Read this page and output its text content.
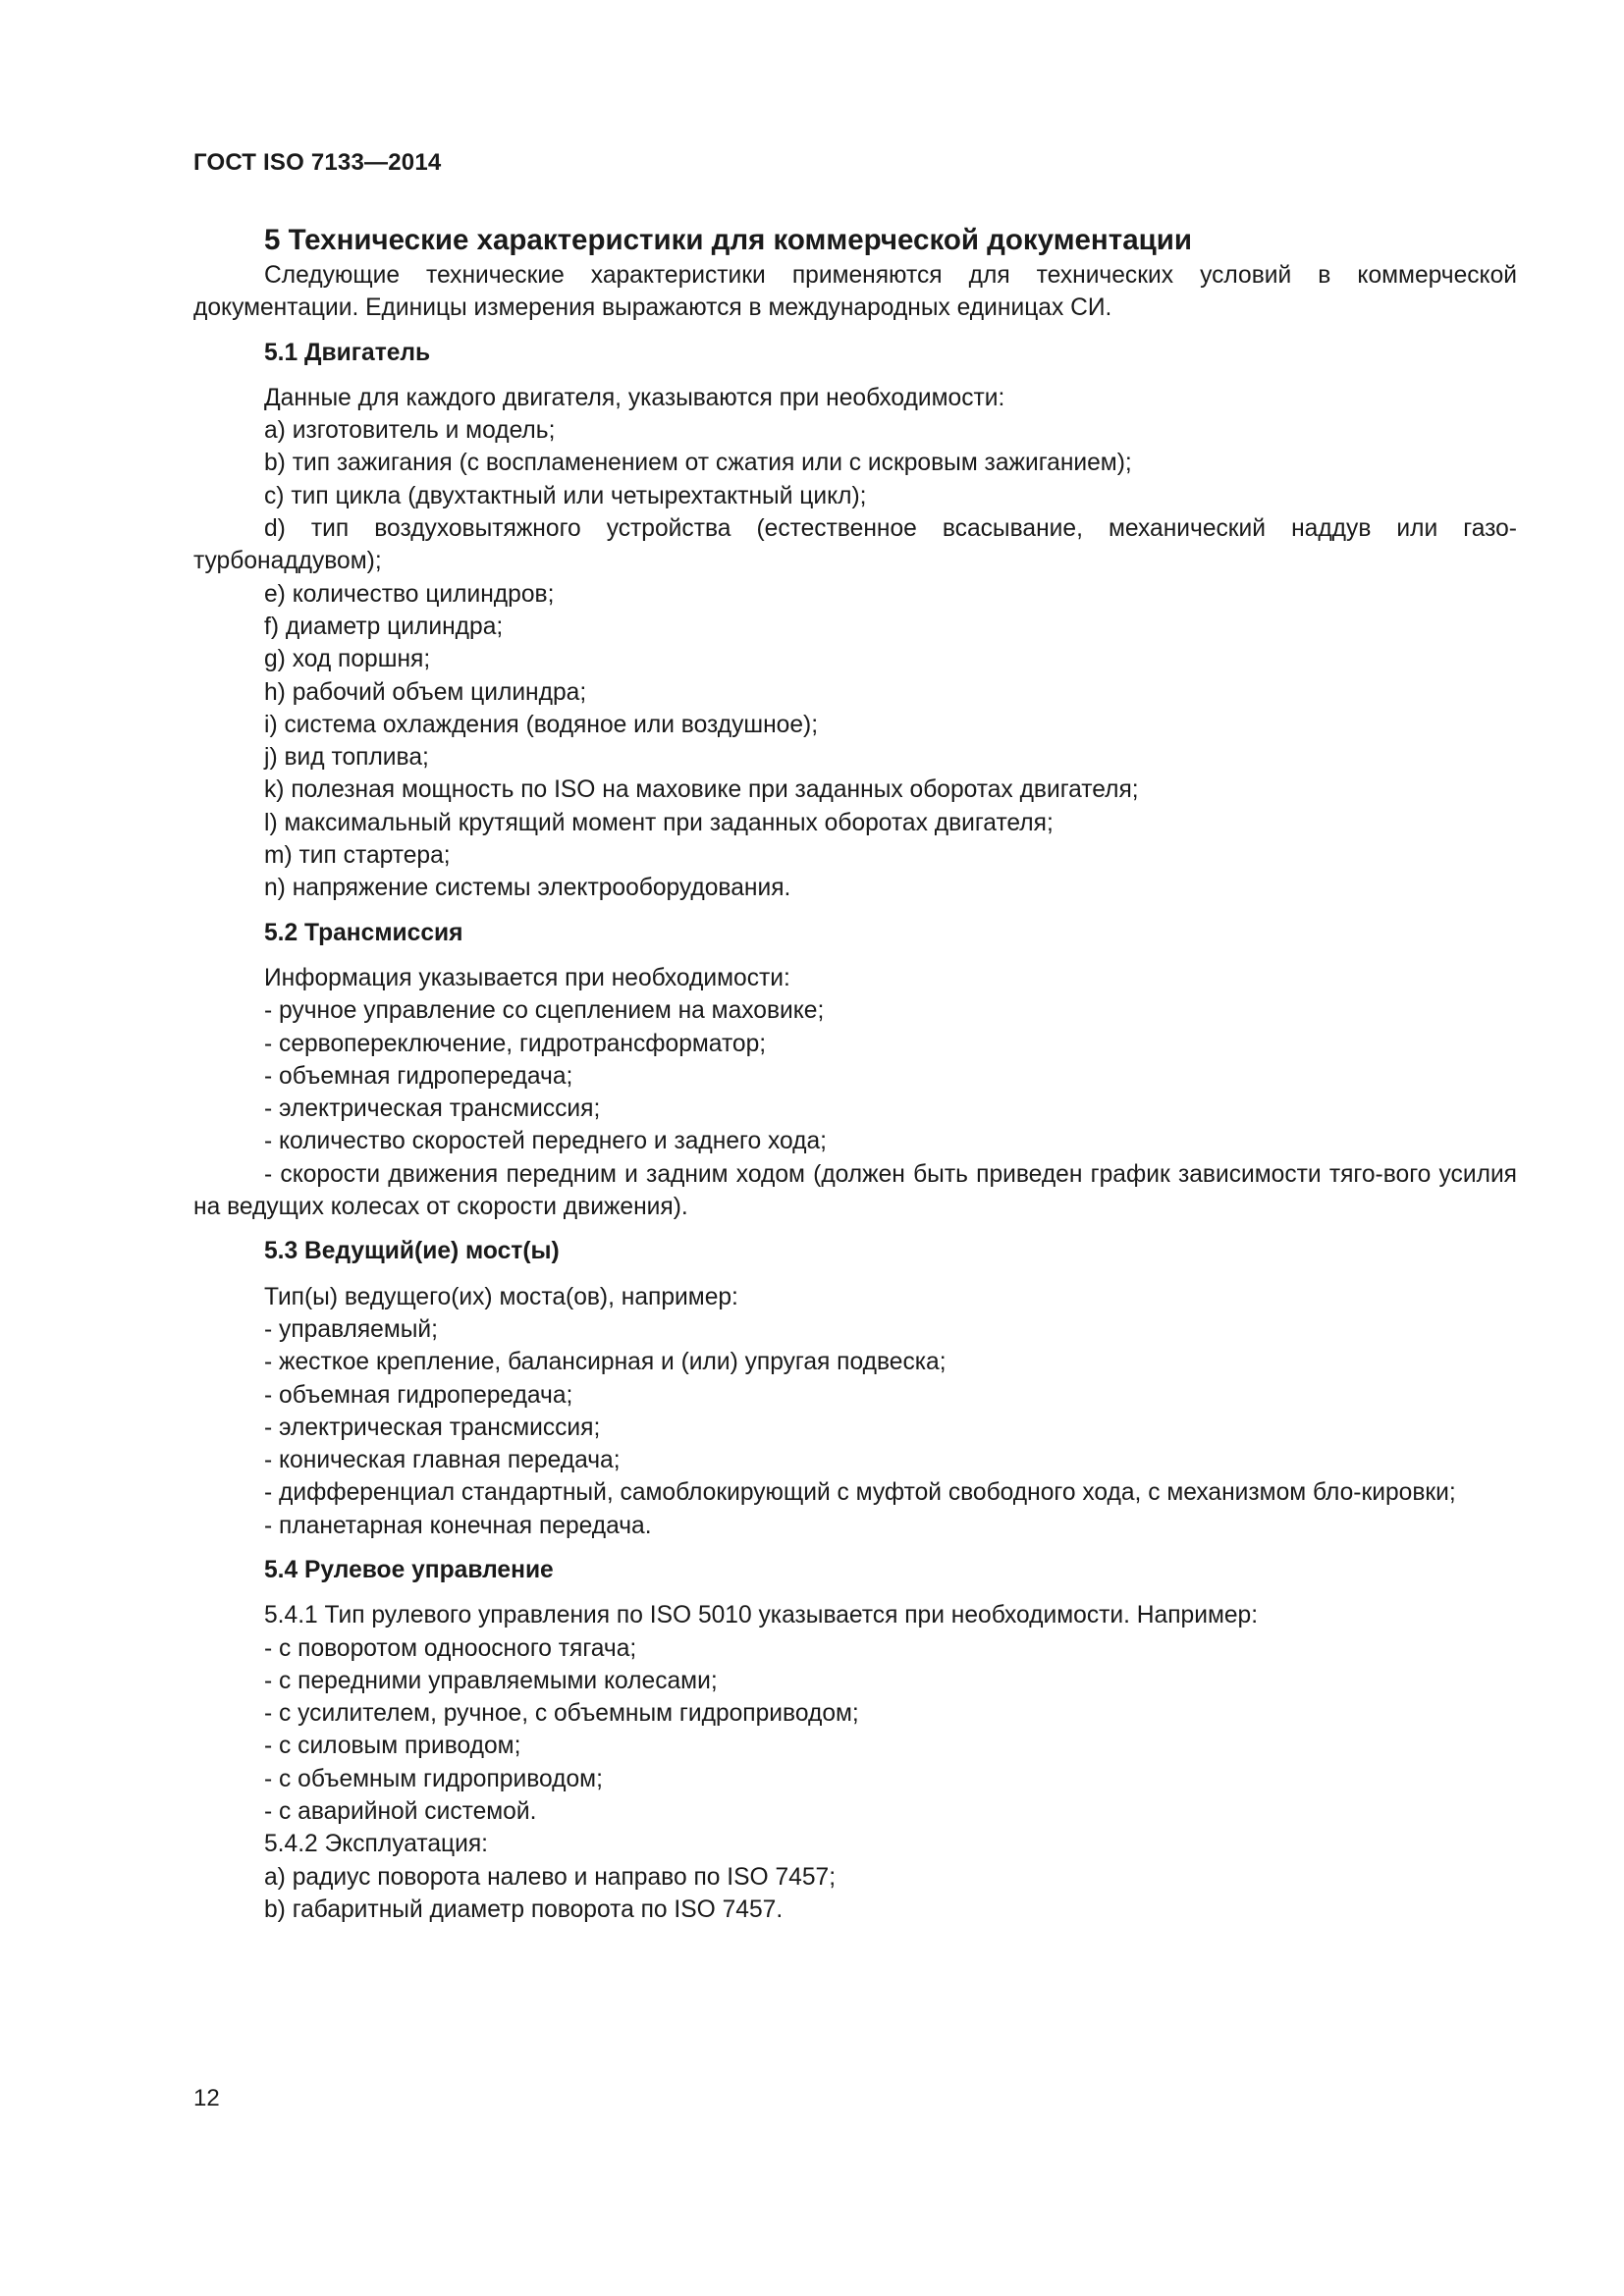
ГОСТ ISO 7133—2014

5 Технические характеристики для коммерческой документации

Следующие технические характеристики применяются для технических условий в коммерческой документации. Единицы измерения выражаются в международных единицах СИ.

5.1 Двигатель

Данные для каждого двигателя, указываются при необходимости:

a) изготовитель и модель;

b) тип зажигания (с воспламенением от сжатия или с искровым зажиганием);

c) тип цикла (двухтактный или четырехтактный цикл);

d) тип воздуховытяжного устройства (естественное всасывание, механический наддув или газо-турбонаддувом);

e) количество цилиндров;

f) диаметр цилиндра;

g) ход поршня;

h) рабочий объем цилиндра;

i) система охлаждения (водяное или воздушное);

j) вид топлива;

k) полезная мощность по ISO на маховике при заданных оборотах двигателя;

l) максимальный крутящий момент при заданных оборотах двигателя;

m) тип стартера;

n) напряжение системы электрооборудования.

5.2 Трансмиссия

Информация указывается при необходимости:

- ручное управление со сцеплением на маховике;

- сервопереключение, гидротрансформатор;

- объемная гидропередача;

- электрическая трансмиссия;

- количество скоростей переднего и заднего хода;

- скорости движения передним и задним ходом (должен быть приведен график зависимости тяго-вого усилия на ведущих колесах от скорости движения).

5.3 Ведущий(ие) мост(ы)

Тип(ы) ведущего(их) моста(ов), например:

- управляемый;

- жесткое крепление, балансирная и (или) упругая подвеска;

- объемная гидропередача;

- электрическая трансмиссия;

- коническая главная передача;

- дифференциал стандартный, самоблокирующий с муфтой свободного хода, с механизмом бло-кировки;

- планетарная конечная передача.

5.4 Рулевое управление

5.4.1 Тип рулевого управления по ISO 5010 указывается при необходимости. Например:

- с поворотом одноосного тягача;

- с передними управляемыми колесами;

- с усилителем, ручное, с объемным гидроприводом;

- с силовым приводом;

- с объемным гидроприводом;

- с аварийной системой.

5.4.2 Эксплуатация:

a) радиус поворота налево и направо по ISO 7457;

b) габаритный диаметр поворота по ISO 7457.

12
